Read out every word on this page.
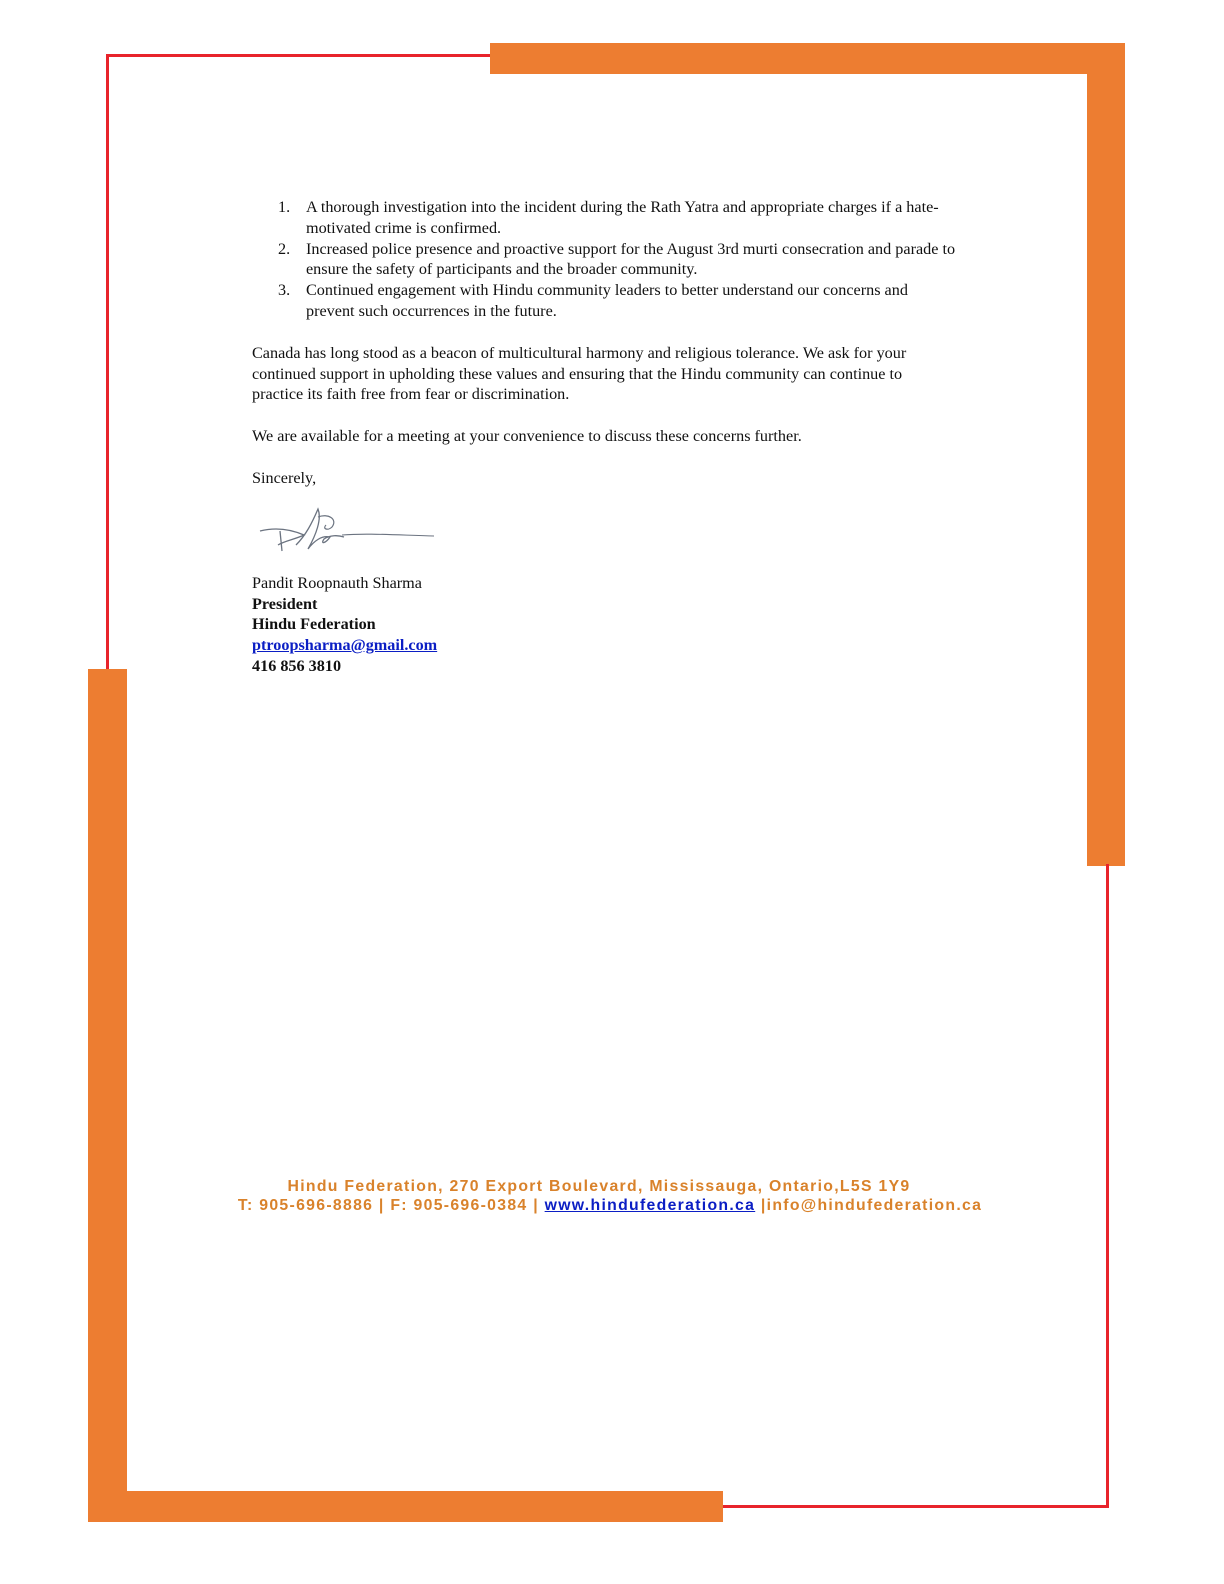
1. A thorough investigation into the incident during the Rath Yatra and appropriate charges if a hate-motivated crime is confirmed.
2. Increased police presence and proactive support for the August 3rd murti consecration and parade to ensure the safety of participants and the broader community.
3. Continued engagement with Hindu community leaders to better understand our concerns and prevent such occurrences in the future.

Canada has long stood as a beacon of multicultural harmony and religious tolerance. We ask for your continued support in upholding these values and ensuring that the Hindu community can continue to practice its faith free from fear or discrimination.

We are available for a meeting at your convenience to discuss these concerns further.

Sincerely,

Pandit Roopnauth Sharma
President
Hindu Federation
ptroopsharma@gmail.com
416 856 3810
Hindu Federation, 270 Export Boulevard, Mississauga, Ontario,L5S 1Y9
T: 905-696-8886 | F: 905-696-0384 | www.hindufederation.ca |info@hindufederation.ca
